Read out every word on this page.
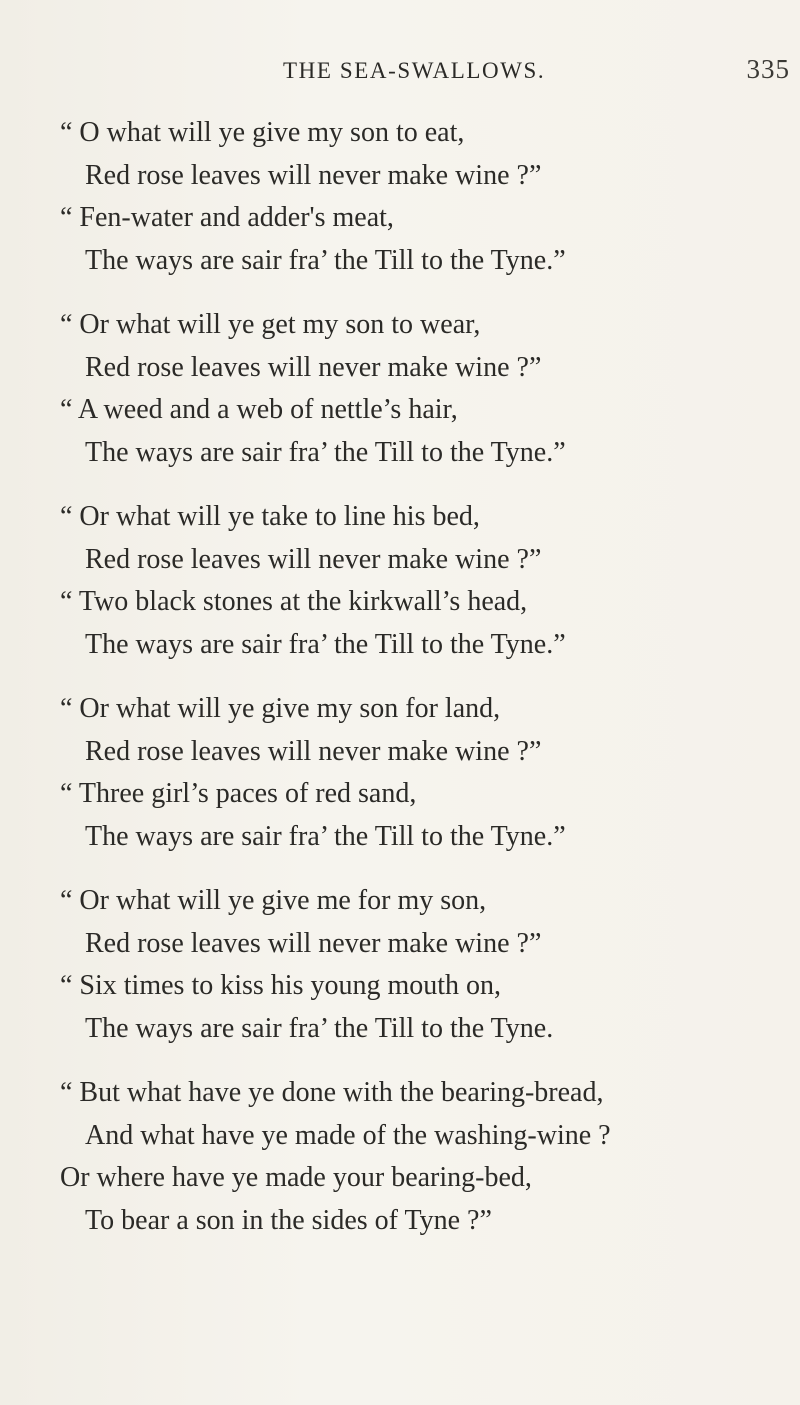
THE SEA-SWALLOWS.	335

“ O what will ye give my son to eat,

Red rose leaves will never make wine ?”

“ Fen-water and adder's meat,

The ways are sair fra’ the Till to the Tyne.”

“ Or what will ye get my son to wear,

Red rose leaves will never make wine ?”

“ A weed and a web of nettle’s hair,

The ways are sair fra’ the Till to the Tyne.”

“ Or what will ye take to line his bed,

Red rose leaves will never make wine ?”

“ Two black stones at the kirkwall’s head,

The ways are sair fra’ the Till to the Tyne.”

“ Or what will ye give my son for land,

Red rose leaves will never make wine ?”

“ Three girl’s paces of red sand,

The ways are sair fra’ the Till to the Tyne.”

“ Or what will ye give me for my son,

Red rose leaves will never make wine ?”

“ Six times to kiss his young mouth on,

The ways are sair fra’ the Till to the Tyne.

“ But what have ye done with the bearing-bread,

And what have ye made of the washing-wine ?

Or where have ye made your bearing-bed,

To bear a son in the sides of Tyne ?”
